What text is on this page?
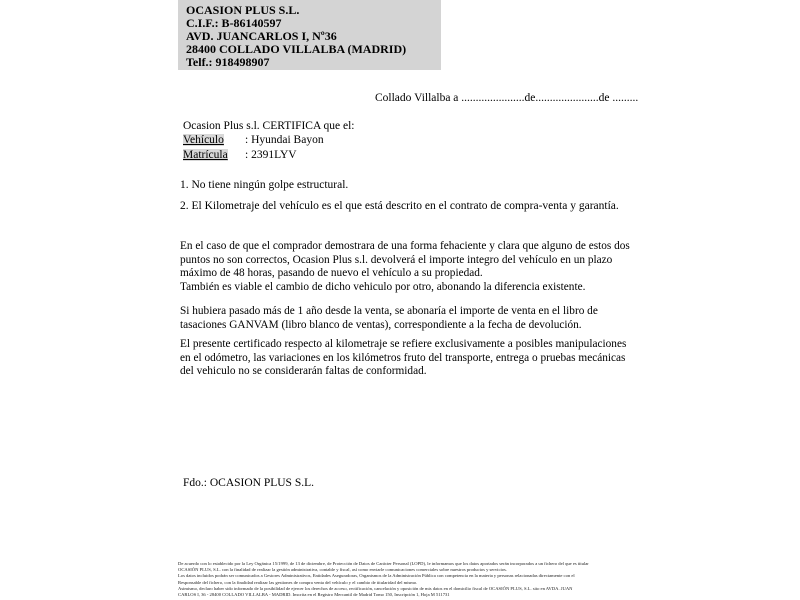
OCASION PLUS S.L.
C.I.F.: B-86140597
AVD. JUANCARLOS I, Nº36
28400 COLLADO VILLALBA (MADRID)
Telf.: 918498907
Collado Villalba a ......................de......................de .........
Ocasion Plus s.l. CERTIFICA que el:
Vehículo : Hyundai Bayon
Matrícula : 2391LYV
1. No tiene ningún golpe estructural.
2. El Kilometraje del vehículo es el que está descrito en el contrato de compra-venta y garantía.
En el caso de que el comprador demostrara de una forma fehaciente y clara que alguno de estos dos puntos no son correctos, Ocasion Plus s.l. devolverá el importe integro del vehículo en un plazo máximo de 48 horas, pasando de nuevo el vehículo a su propiedad.
También es viable el cambio de dicho vehiculo por otro, abonando la diferencia existente.
Si hubiera pasado más de 1 año desde la venta, se abonaría el importe de venta en el libro de tasaciones GANVAM (libro blanco de ventas), correspondiente a la fecha de devolución.
El presente certificado respecto al kilometraje se refiere exclusivamente a posibles manipulaciones en el odómetro, las variaciones en los kilómetros fruto del transporte, entrega o pruebas mecánicas del vehiculo no se considerarán faltas de conformidad.
Fdo.: OCASION PLUS S.L.
De acuerdo con lo establecido por la Ley Orgánica 15/1999, de 13 de diciembre, de Protección de Datos de Carácter Personal (LOPD), le informamos que los datos aportados serán incorporados a un fichero del que es titular
OCASIÓN PLUS, S.L. con la finalidad de realizar la gestión administrativa, contable y fiscal, así como enviarle comunicaciones comerciales sobre nuestros productos y servicios.
Los datos incluidos podrán ser comunicados a Gestores Administrativos, Entidades Aseguradoras, Organismos de la Administración Pública con competencia en la materia y personas relacionadas directamente con el
Responsable del fichero, con la finalidad realizar las gestiones de compra venta del vehículo y el cambio de titularidad del mismo.
Asimismo, declaro haber sido informado de la posibilidad de ejercer los derechos de acceso, rectificación, cancelación y oposición de mis datos en el domicilio fiscal de OCASIÓN PLUS, S.L. sito en AVDA. JUAN
CARLOS I, 36 - 28400 COLLADO VILLALBA - MADRID. Inscrita en el Registro Mercantil de Madrid Tomo 150, Inscripción 1, Hoja M 511731
